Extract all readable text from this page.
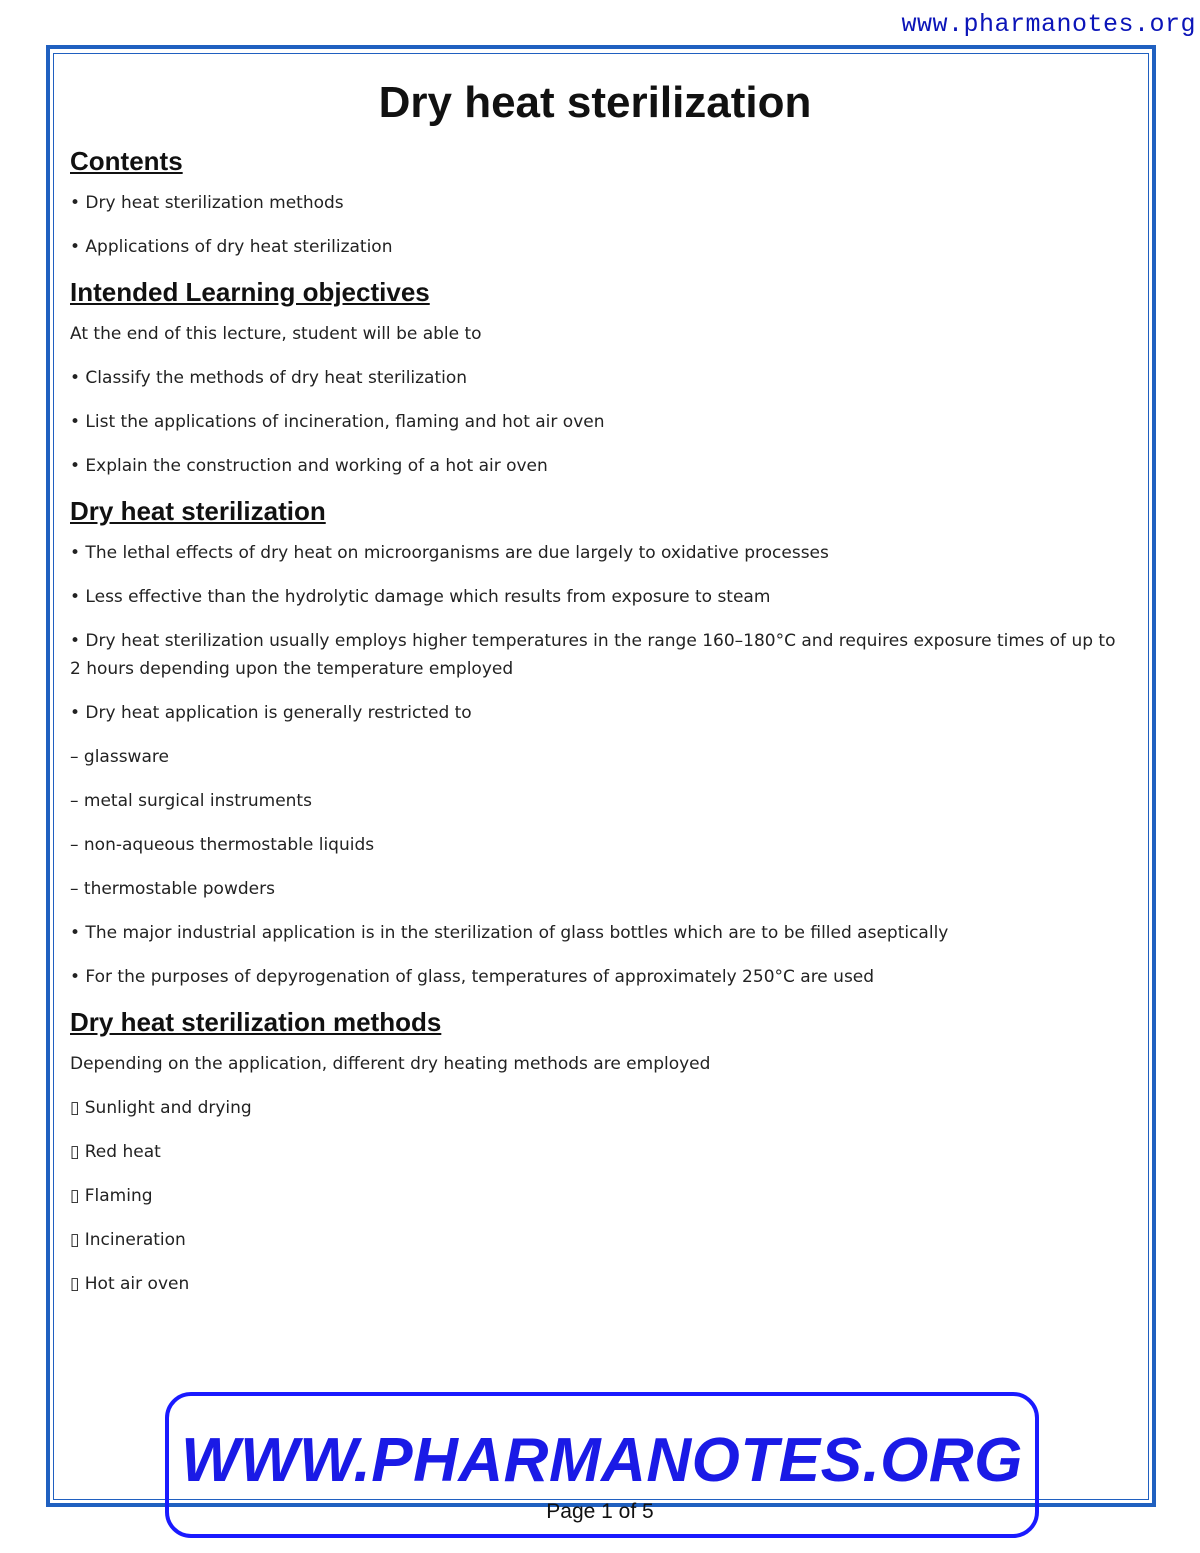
www.pharmanotes.org
Dry heat sterilization
Contents
• Dry heat sterilization methods
• Applications of dry heat sterilization
Intended Learning objectives
At the end of this lecture, student will be able to
• Classify the methods of dry heat sterilization
• List the applications of incineration, flaming and hot air oven
• Explain the construction and working of a hot air oven
Dry heat sterilization
• The lethal effects of dry heat on microorganisms are due largely to oxidative processes
• Less effective than the hydrolytic damage which results from exposure to steam
• Dry heat sterilization usually employs higher temperatures in the range 160–180°C and requires exposure times of up to 2 hours depending upon the temperature employed
• Dry heat application is generally restricted to
– glassware
– metal surgical instruments
– non-aqueous thermostable liquids
– thermostable powders
• The major industrial application is in the sterilization of glass bottles which are to be filled aseptically
• For the purposes of depyrogenation of glass, temperatures of approximately 250°C are used
Dry heat sterilization methods
Depending on the application, different dry heating methods are employed
▯ Sunlight and drying
▯ Red heat
▯ Flaming
▯ Incineration
▯ Hot air oven
WWW.PHARMANOTES.ORG
Page 1 of 5
